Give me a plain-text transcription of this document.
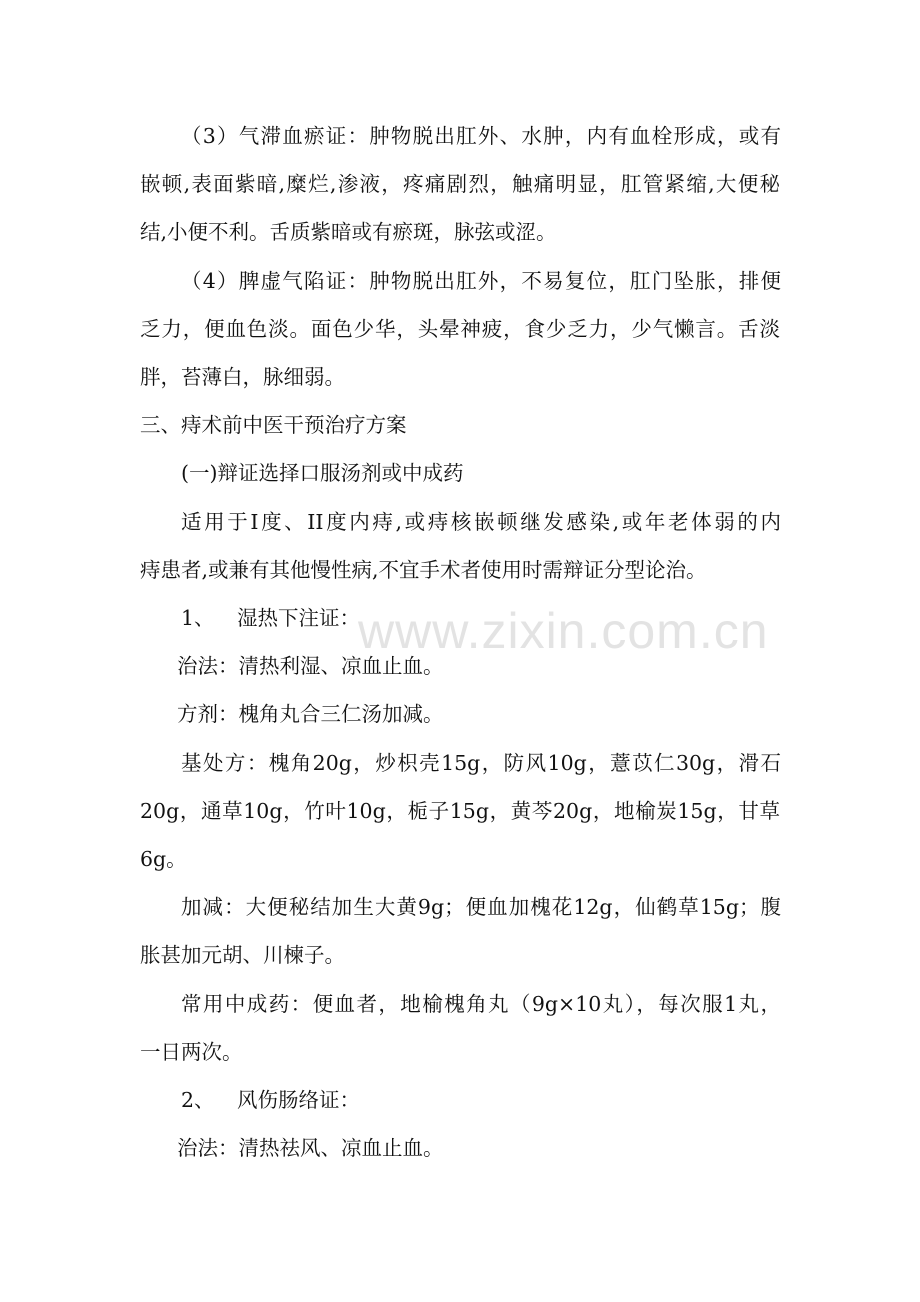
www.zixin.com.cn
（3）气滞血瘀证：肿物脱出肛外、水肿，内有血栓形成，或有
嵌顿,表面紫暗,糜烂,渗液，疼痛剧烈，触痛明显，肛管紧缩,大便秘
结,小便不利。舌质紫暗或有瘀斑，脉弦或涩。
（4）脾虚气陷证：肿物脱出肛外，不易复位，肛门坠胀，排便
乏力，便血色淡。面色少华，头晕神疲，食少乏力，少气懒言。舌淡
胖，苔薄白，脉细弱。
三、痔术前中医干预治疗方案
(一)辩证选择口服汤剂或中成药
适用于Ⅰ度、II度内痔,或痔核嵌顿继发感染,或年老体弱的内
痔患者,或兼有其他慢性病,不宜手术者使用时需辩证分型论治。
1、 湿热下注证：
治法：清热利湿、凉血止血。
方剂：槐角丸合三仁汤加减。
基处方：槐角20g，炒枳壳15g，防风10g，薏苡仁30g，滑石
20g，通草10g，竹叶10g，栀子15g，黄芩20g，地榆炭15g，甘草
6g。
加减：大便秘结加生大黄9g；便血加槐花12g，仙鹤草15g；腹
胀甚加元胡、川楝子。
常用中成药：便血者，地榆槐角丸（9g×10丸），每次服1丸，
一日两次。
2、 风伤肠络证：
治法：清热祛风、凉血止血。
